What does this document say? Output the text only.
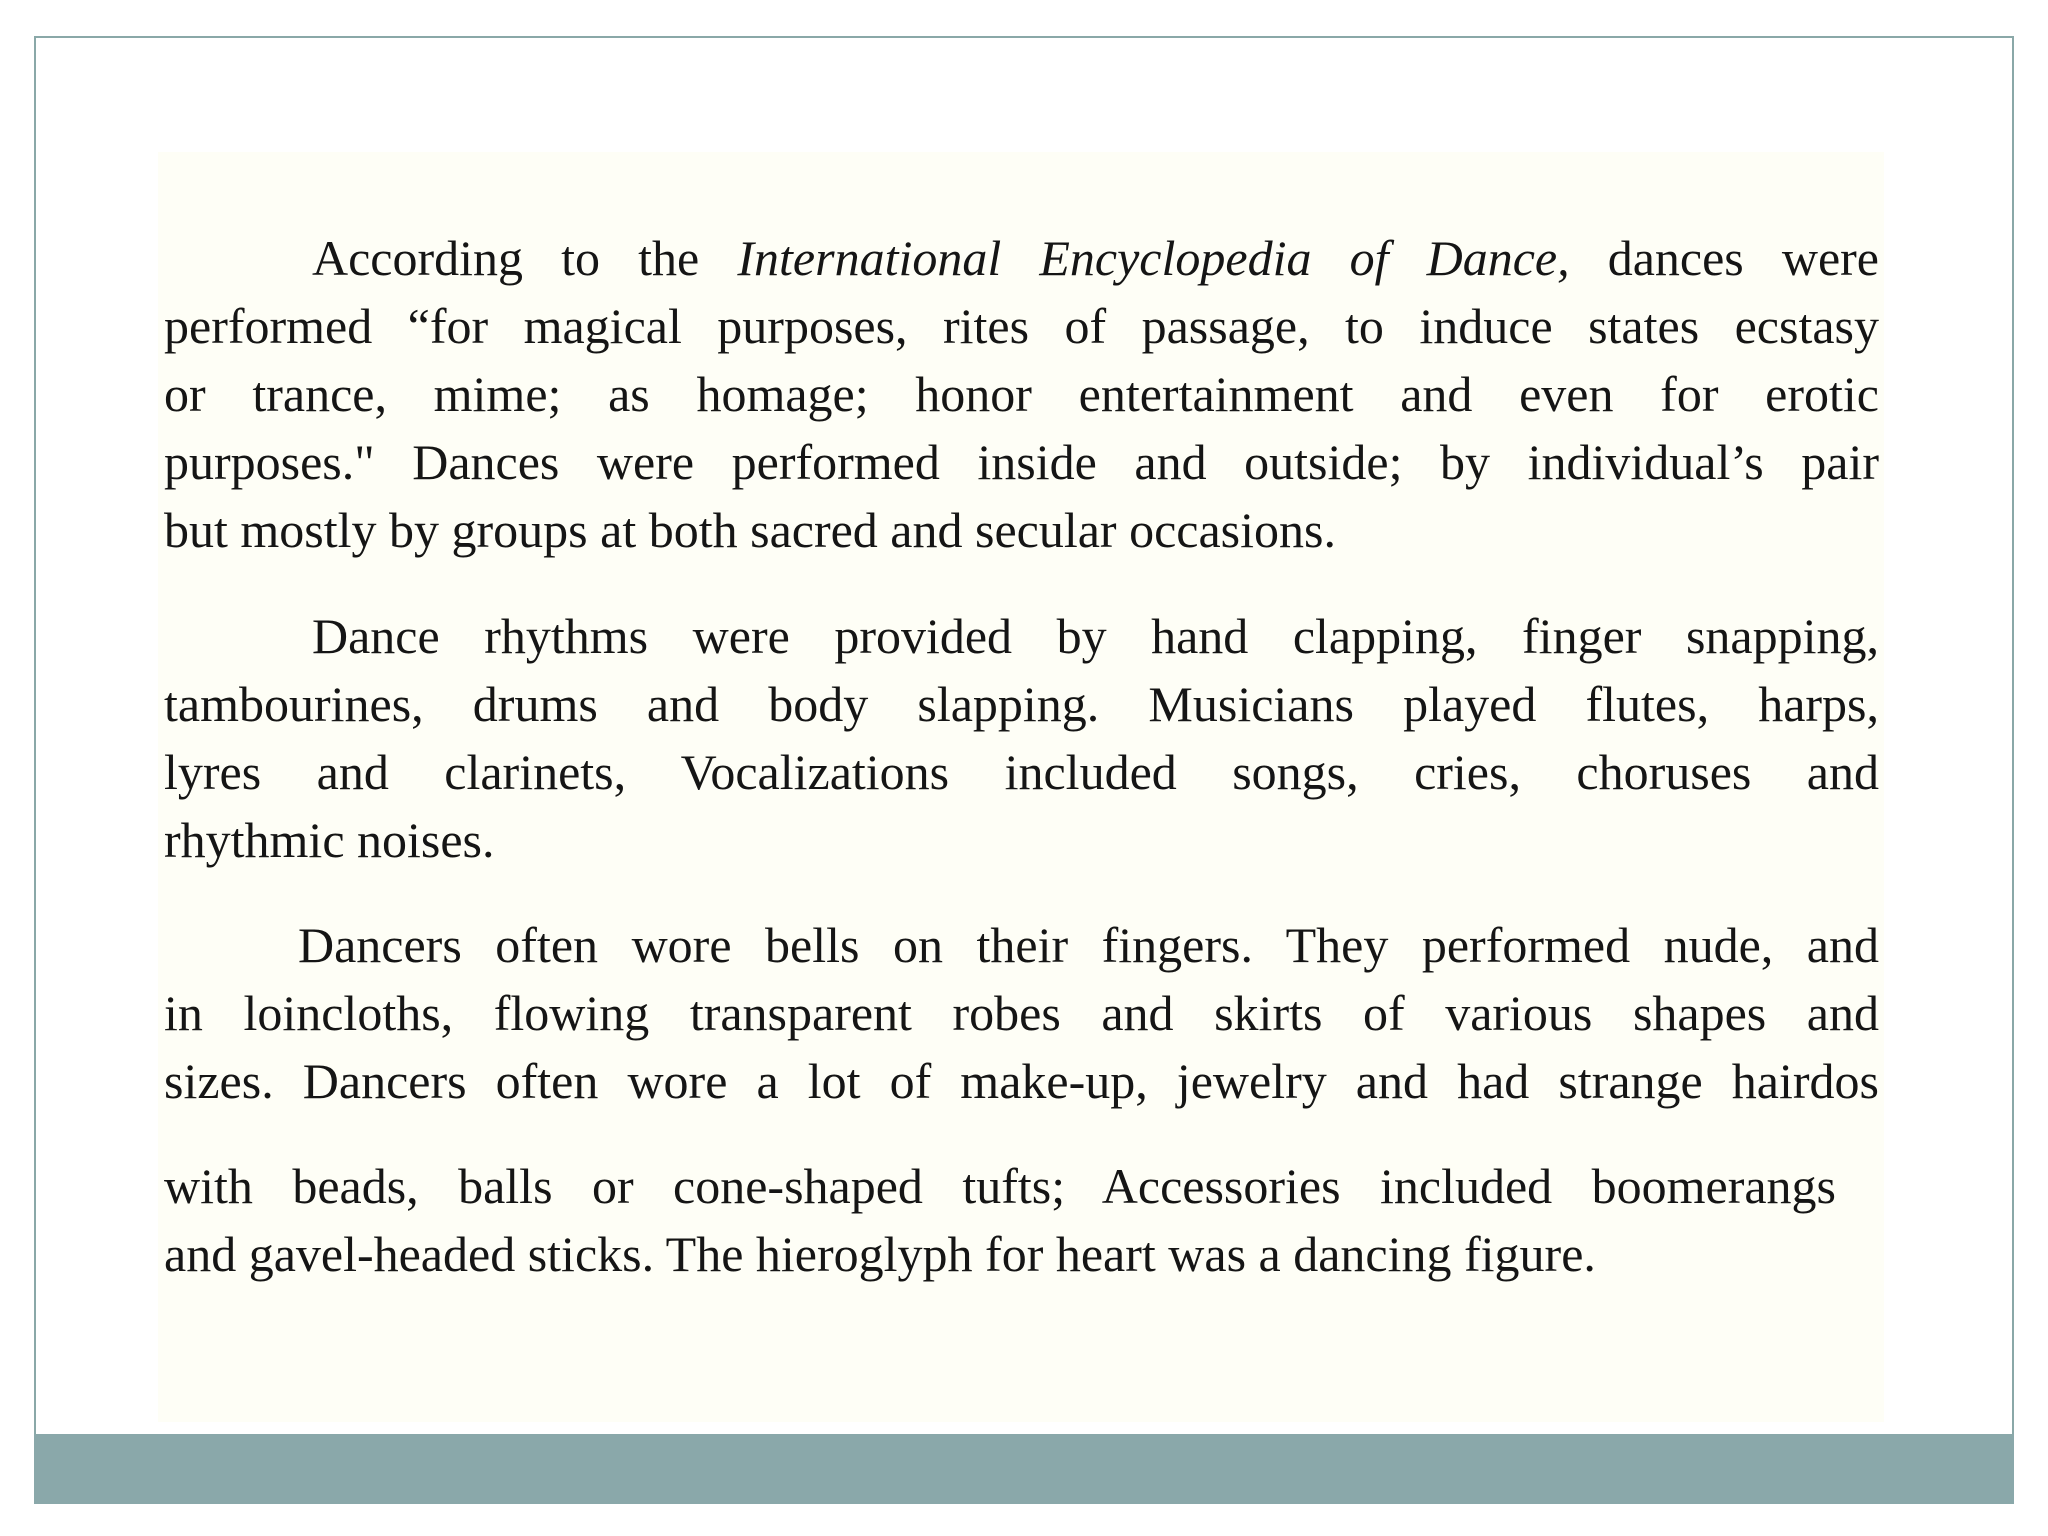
According to the International Encyclopedia of Dance, dances were
performed “for magical purposes, rites of passage, to induce states ecstasy
or trance, mime; as homage; honor entertainment and even for erotic
purposes." Dances were performed inside and outside; by individual’s pair
but mostly by groups at both sacred and secular occasions.
Dance rhythms were provided by hand clapping, finger snapping,
tambourines, drums and body slapping. Musicians played flutes, harps,
lyres and clarinets, Vocalizations included songs, cries, choruses and
rhythmic noises.
Dancers often wore bells on their fingers. They performed nude, and
in loincloths, flowing transparent robes and skirts of various shapes and
sizes. Dancers often wore a lot of make-up, jewelry and had strange hairdos
with beads, balls or cone-shaped tufts; Accessories included boomerangs
and gavel-headed sticks. The hieroglyph for heart was a dancing figure.
